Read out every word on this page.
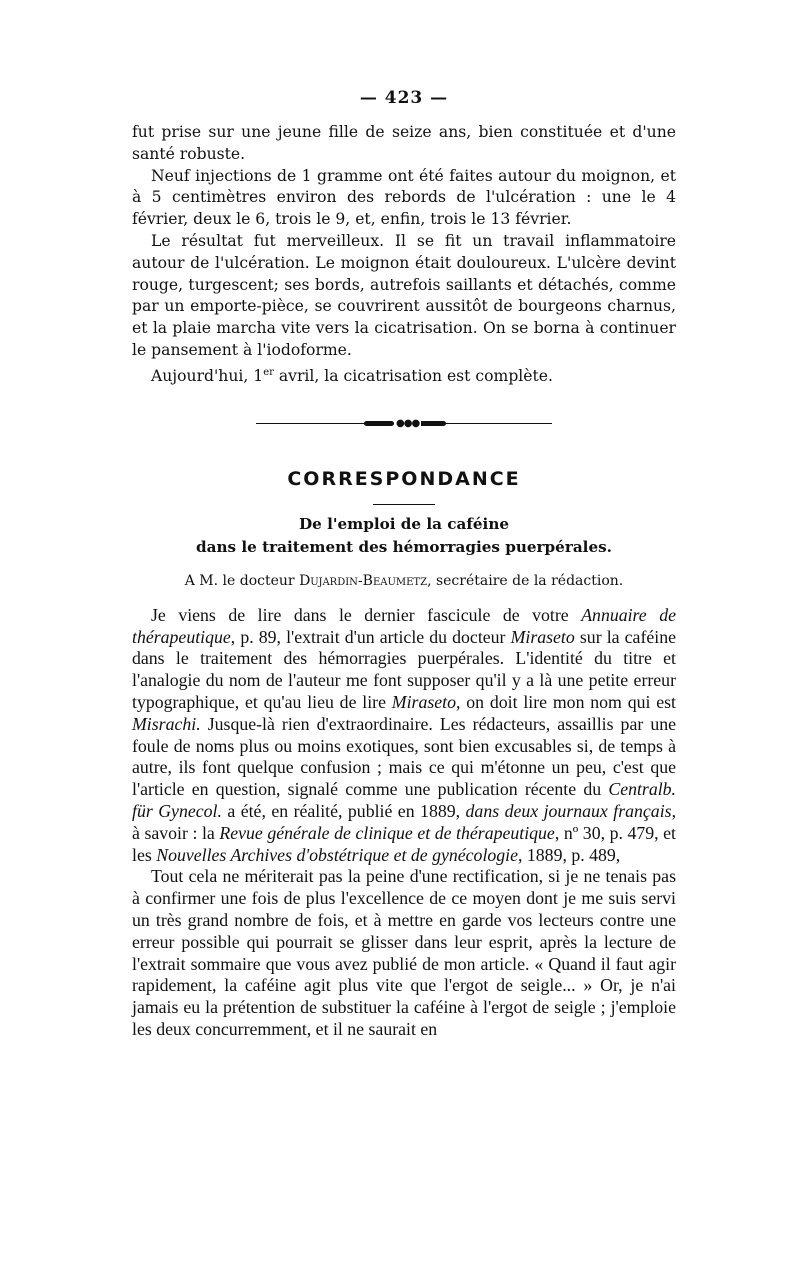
— 423 —

fut prise sur une jeune fille de seize ans, bien constituée et d'une santé robuste.

Neuf injections de 1 gramme ont été faites autour du moignon, et à 5 centimètres environ des rebords de l'ulcération : une le 4 février, deux le 6, trois le 9, et, enfin, trois le 13 février.

Le résultat fut merveilleux. Il se fit un travail inflammatoire autour de l'ulcération. Le moignon était douloureux. L'ulcère devint rouge, turgescent; ses bords, autrefois saillants et détachés, comme par un emporte-pièce, se couvrirent aussitôt de bourgeons charnus, et la plaie marcha vite vers la cicatrisation. On se borna à continuer le pansement à l'iodoforme.

Aujourd'hui, 1er avril, la cicatrisation est complète.

●●●
CORRESPONDANCE
De l'emploi de la caféine
dans le traitement des hémorragies puerpérales.
A M. le docteur Dujardin-Beaumetz, secrétaire de la rédaction.

Je viens de lire dans le dernier fascicule de votre Annuaire de thérapeutique, p. 89, l'extrait d'un article du docteur Miraseto sur la caféine dans le traitement des hémorragies puerpérales. L'identité du titre et l'analogie du nom de l'auteur me font supposer qu'il y a là une petite erreur typographique, et qu'au lieu de lire Miraseto, on doit lire mon nom qui est Misrachi. Jusque-là rien d'extraordinaire. Les rédacteurs, assaillis par une foule de noms plus ou moins exotiques, sont bien excusables si, de temps à autre, ils font quelque confusion ; mais ce qui m'étonne un peu, c'est que l'article en question, signalé comme une publication récente du Centralb. für Gynecol. a été, en réalité, publié en 1889, dans deux journaux français, à savoir : la Revue générale de clinique et de thérapeutique, nº 30, p. 479, et les Nouvelles Archives d'obstétrique et de gynécologie, 1889, p. 489,

Tout cela ne mériterait pas la peine d'une rectification, si je ne tenais pas à confirmer une fois de plus l'excellence de ce moyen dont je me suis servi un très grand nombre de fois, et à mettre en garde vos lecteurs contre une erreur possible qui pourrait se glisser dans leur esprit, après la lecture de l'extrait sommaire que vous avez publié de mon article. « Quand il faut agir rapidement, la caféine agit plus vite que l'ergot de seigle... » Or, je n'ai jamais eu la prétention de substituer la caféine à l'ergot de seigle ; j'emploie les deux concurremment, et il ne saurait en
